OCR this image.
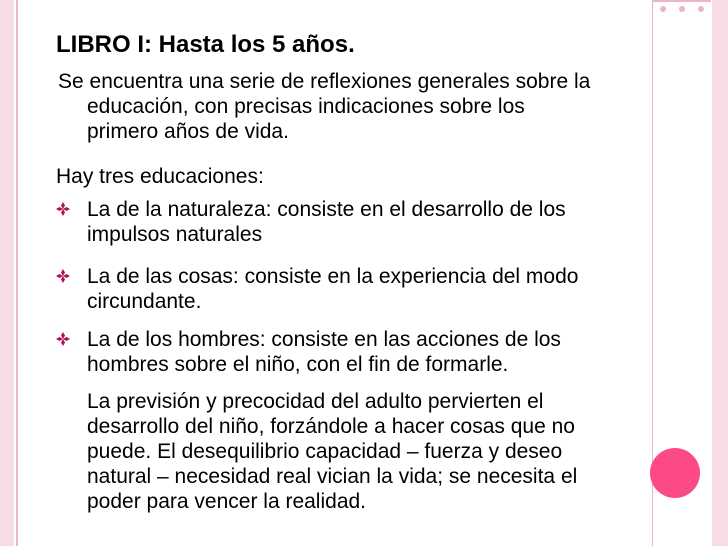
LIBRO I: Hasta los 5 años.
Se encuentra una serie de reflexiones generales sobre la
educación, con precisas indicaciones sobre los
primero años de vida.
Hay tres educaciones:
La de la naturaleza: consiste en el desarrollo de los
impulsos naturales
La de las cosas: consiste en la experiencia del modo
circundante.
La de los hombres: consiste en las acciones de los
hombres sobre el niño, con el fin de formarle.
La previsión y precocidad del adulto pervierten el
desarrollo del niño, forzándole a hacer cosas que no
puede. El desequilibrio capacidad – fuerza y deseo
natural – necesidad real vician la vida; se necesita el
poder para vencer la realidad.
